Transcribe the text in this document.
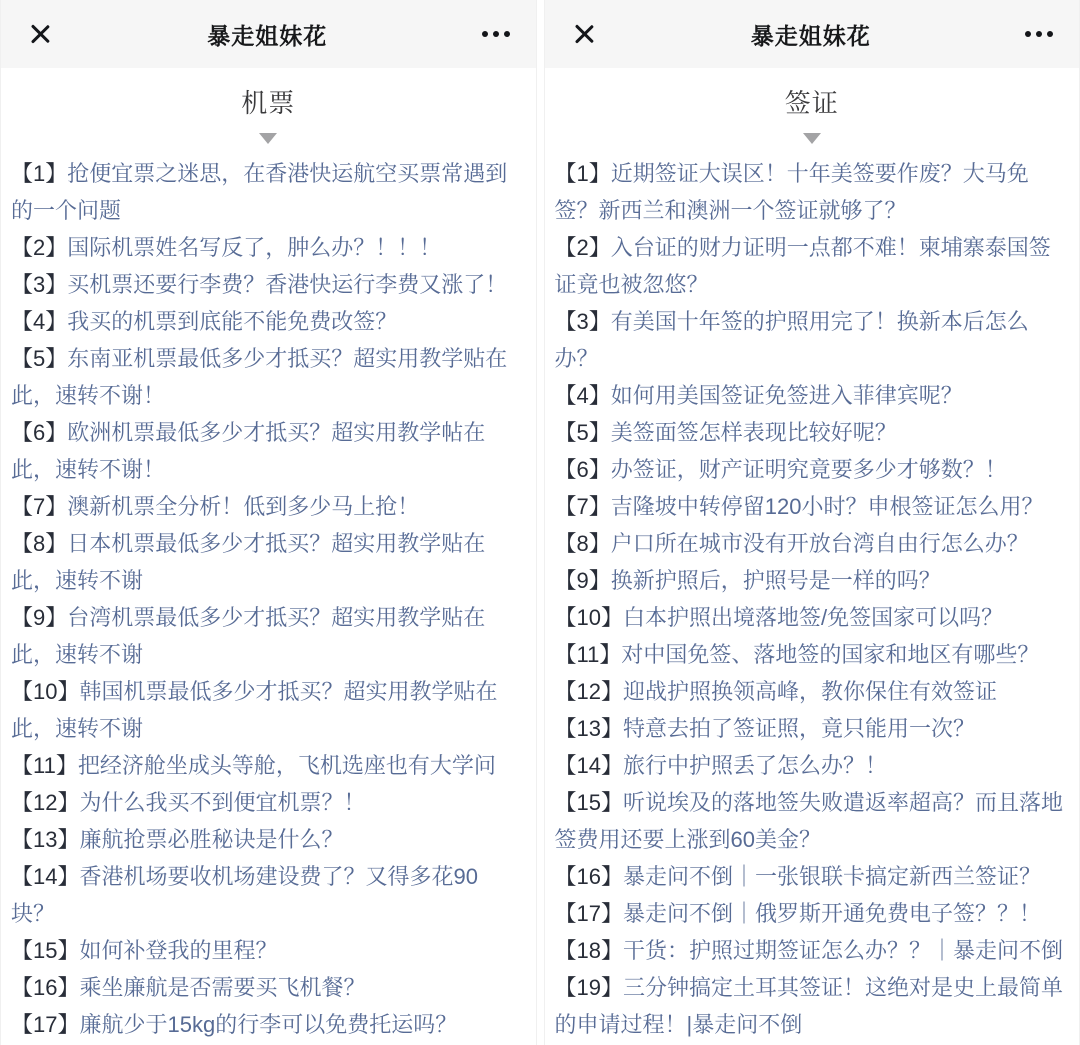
暴走姐妹花
机票

【1】抢便宜票之迷思，在香港快运航空买票常遇到的一个问题

【2】国际机票姓名写反了，肿么办？！！！

【3】买机票还要行李费？香港快运行李费又涨了！

【4】我买的机票到底能不能免费改签？

【5】东南亚机票最低多少才抵买？超实用教学贴在此，速转不谢！

【6】欧洲机票最低多少才抵买？超实用教学帖在此，速转不谢！

【7】澳新机票全分析！低到多少马上抢！

【8】日本机票最低多少才抵买？超实用教学贴在此，速转不谢

【9】台湾机票最低多少才抵买？超实用教学贴在此，速转不谢

【10】韩国机票最低多少才抵买？超实用教学贴在此，速转不谢

【11】把经济舱坐成头等舱，飞机选座也有大学问

【12】为什么我买不到便宜机票？！

【13】廉航抢票必胜秘诀是什么？

【14】香港机场要收机场建设费了？又得多花90块？

【15】如何补登我的里程？

【16】乘坐廉航是否需要买飞机餐？

【17】廉航少于15kg的行李可以免费托运吗？

暴走姐妹花
签证

【1】近期签证大误区！十年美签要作废？大马免签？新西兰和澳洲一个签证就够了？

【2】入台证的财力证明一点都不难！柬埔寨泰国签证竟也被忽悠？

【3】有美国十年签的护照用完了！换新本后怎么办？

【4】如何用美国签证免签进入菲律宾呢？

【5】美签面签怎样表现比较好呢？

【6】办签证，财产证明究竟要多少才够数？！

【7】吉隆坡中转停留120小时？申根签证怎么用？

【8】户口所在城市没有开放台湾自由行怎么办？

【9】换新护照后，护照号是一样的吗？

【10】白本护照出境落地签/免签国家可以吗？

【11】对中国免签、落地签的国家和地区有哪些？

【12】迎战护照换领高峰，教你保住有效签证

【13】特意去拍了签证照，竟只能用一次？

【14】旅行中护照丢了怎么办？！

【15】听说埃及的落地签失败遣返率超高？而且落地签费用还要上涨到60美金？

【16】暴走问不倒｜一张银联卡搞定新西兰签证？

【17】暴走问不倒｜俄罗斯开通免费电子签？？！

【18】干货：护照过期签证怎么办？？｜暴走问不倒

【19】三分钟搞定土耳其签证！这绝对是史上最简单的申请过程！|暴走问不倒
